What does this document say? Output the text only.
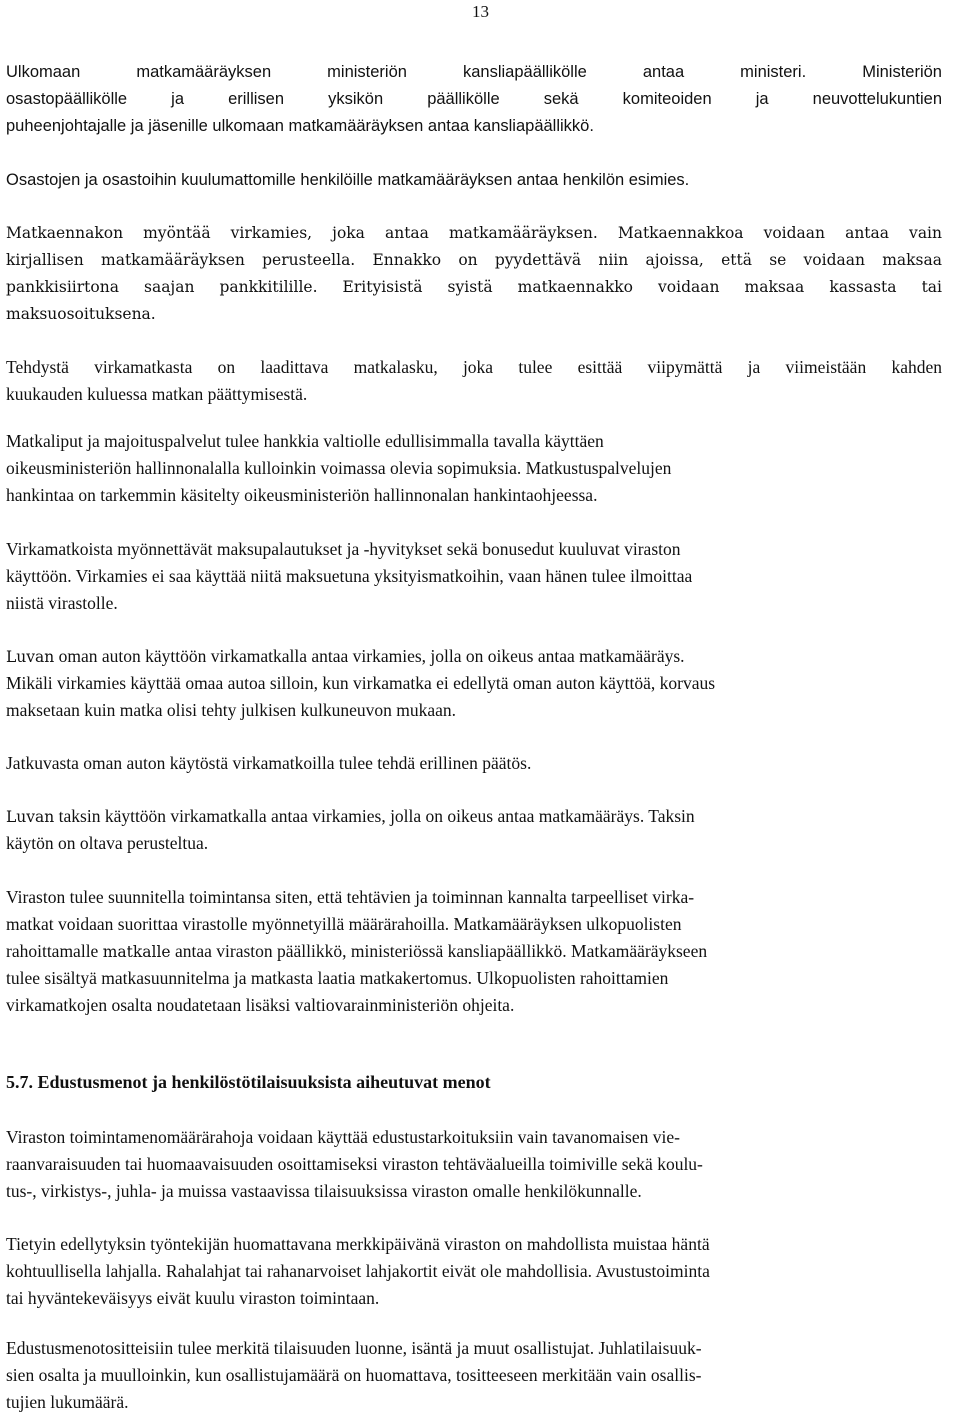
13
Ulkomaan matkamääräyksen ministeriön kansliapäällikölle antaa ministeri. Ministeriön
osastopäällikölle ja erillisen yksikön päällikölle sekä komiteoiden ja neuvottelukuntien
puheenjohtajalle ja jäsenille ulkomaan matkamääräyksen antaa kansliapäällikkö.
Osastojen ja osastoihin kuulumattomille henkilöille matkamääräyksen antaa henkilön esimies.
Matkaennakon myöntää virkamies, joka antaa matkamääräyksen. Matkaennakkoa voidaan antaa vain
kirjallisen matkamääräyksen perusteella. Ennakko on pyydettävä niin ajoissa, että se voidaan maksaa
pankkisiirtona saajan pankkitilille. Erityisistä syistä matkaennakko voidaan maksaa kassasta tai
maksuosoituksena.
Tehdystä virkamatkasta on laadittava matkalasku, joka tulee esittää viipymättä ja viimeistään kahden
kuukauden kuluessa matkan päättymisestä.
Matkaliput ja majoituspalvelut tulee hankkia valtiolle edullisimmalla tavalla käyttäen
oikeusministeriön hallinnonalalla kulloinkin voimassa olevia sopimuksia. Matkustuspalvelujen
hankintaa on tarkemmin käsitelty oikeusministeriön hallinnonalan hankintaohjeessa.
Virkamatkoista myönnettävät maksupalautukset ja -hyvitykset sekä bonusedut kuuluvat viraston
käyttöön. Virkamies ei saa käyttää niitä maksuetuna yksityismatkoihin, vaan hänen tulee ilmoittaa
niistä virastolle.
Luvan oman auton käyttöön virkamatkalla antaa virkamies, jolla on oikeus antaa matkamääräys.
Mikäli virkamies käyttää omaa autoa silloin, kun virkamatka ei edellytä oman auton käyttöä, korvaus
maksetaan kuin matka olisi tehty julkisen kulkuneuvon mukaan.
Jatkuvasta oman auton käytöstä virkamatkoilla tulee tehdä erillinen päätös.
Luvan taksin käyttöön virkamatkalla antaa virkamies, jolla on oikeus antaa matkamääräys. Taksin
käytön on oltava perusteltua.
Viraston tulee suunnitella toimintansa siten, että tehtävien ja toiminnan kannalta tarpeelliset virka-
matkat voidaan suorittaa virastolle myönnetyillä määrärahoilla. Matkamääräyksen ulkopuolisten
rahoittamalle matkalle antaa viraston päällikkö, ministeriössä kansliapäällikkö. Matkamääräykseen
tulee sisältyä matkasuunnitelma ja matkasta laatia matkakertomus. Ulkopuolisten rahoittamien
virkamatkojen osalta noudatetaan lisäksi valtiovarainministeriön ohjeita.
5.7. Edustusmenot ja henkilöstötilaisuuksista aiheutuvat menot
Viraston toimintamenomäärärahoja voidaan käyttää edustustarkoituksiin vain tavanomaisen vie-
raanvaraisuuden tai huomaavaisuuden osoittamiseksi viraston tehtäväalueilla toimiville sekä koulu-
tus-, virkistys-, juhla- ja muissa vastaavissa tilaisuuksissa viraston omalle henkilökunnalle.
Tietyin edellytyksin työntekijän huomattavana merkkipäivänä viraston on mahdollista muistaa häntä
kohtuullisella lahjalla. Rahalahjat tai rahanarvoiset lahjakortit eivät ole mahdollisia. Avustustoiminta
tai hyväntekeväisyys eivät kuulu viraston toimintaan.
Edustusmenotositteisiin tulee merkitä tilaisuuden luonne, isäntä ja muut osallistujat. Juhlatilaisuuk-
sien osalta ja muulloinkin, kun osallistujamäärä on huomattava, tositteeseen merkitään vain osallis-
tujien lukumäärä.
